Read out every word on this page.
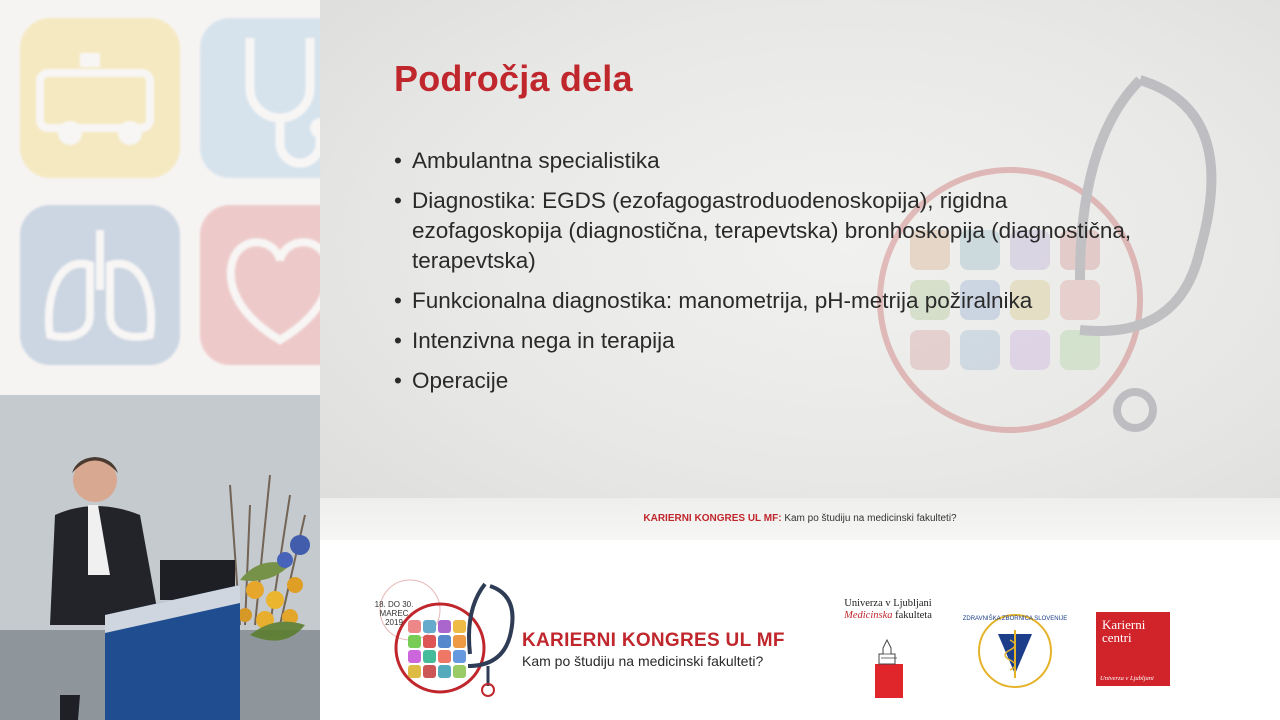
Področja dela
• Ambulantna specialistika
• Diagnostika: EGDS (ezofagogastroduodenoskopija), rigidna ezofagoskopija (diagnostična, terapevtska) bronhoskopija (diagnostična, terapevtska)
• Funkcionalna diagnostika: manometrija, pH-metrija požiralnika
• Intenzivna nega in terapija
• Operacije
KARIERNI KONGRES UL MF: Kam po študiju na medicinski fakulteti?
18. DO 30.
MAREC 2019
KARIERNI KONGRES UL MF
Kam po študiju na medicinski fakulteti?
Univerza v Ljubljani
Medicinska fakulteta	ZDRAVNIŠKA ZBORNICA SLOVENIJE	Karierni
centri
Univerza v Ljubljani
